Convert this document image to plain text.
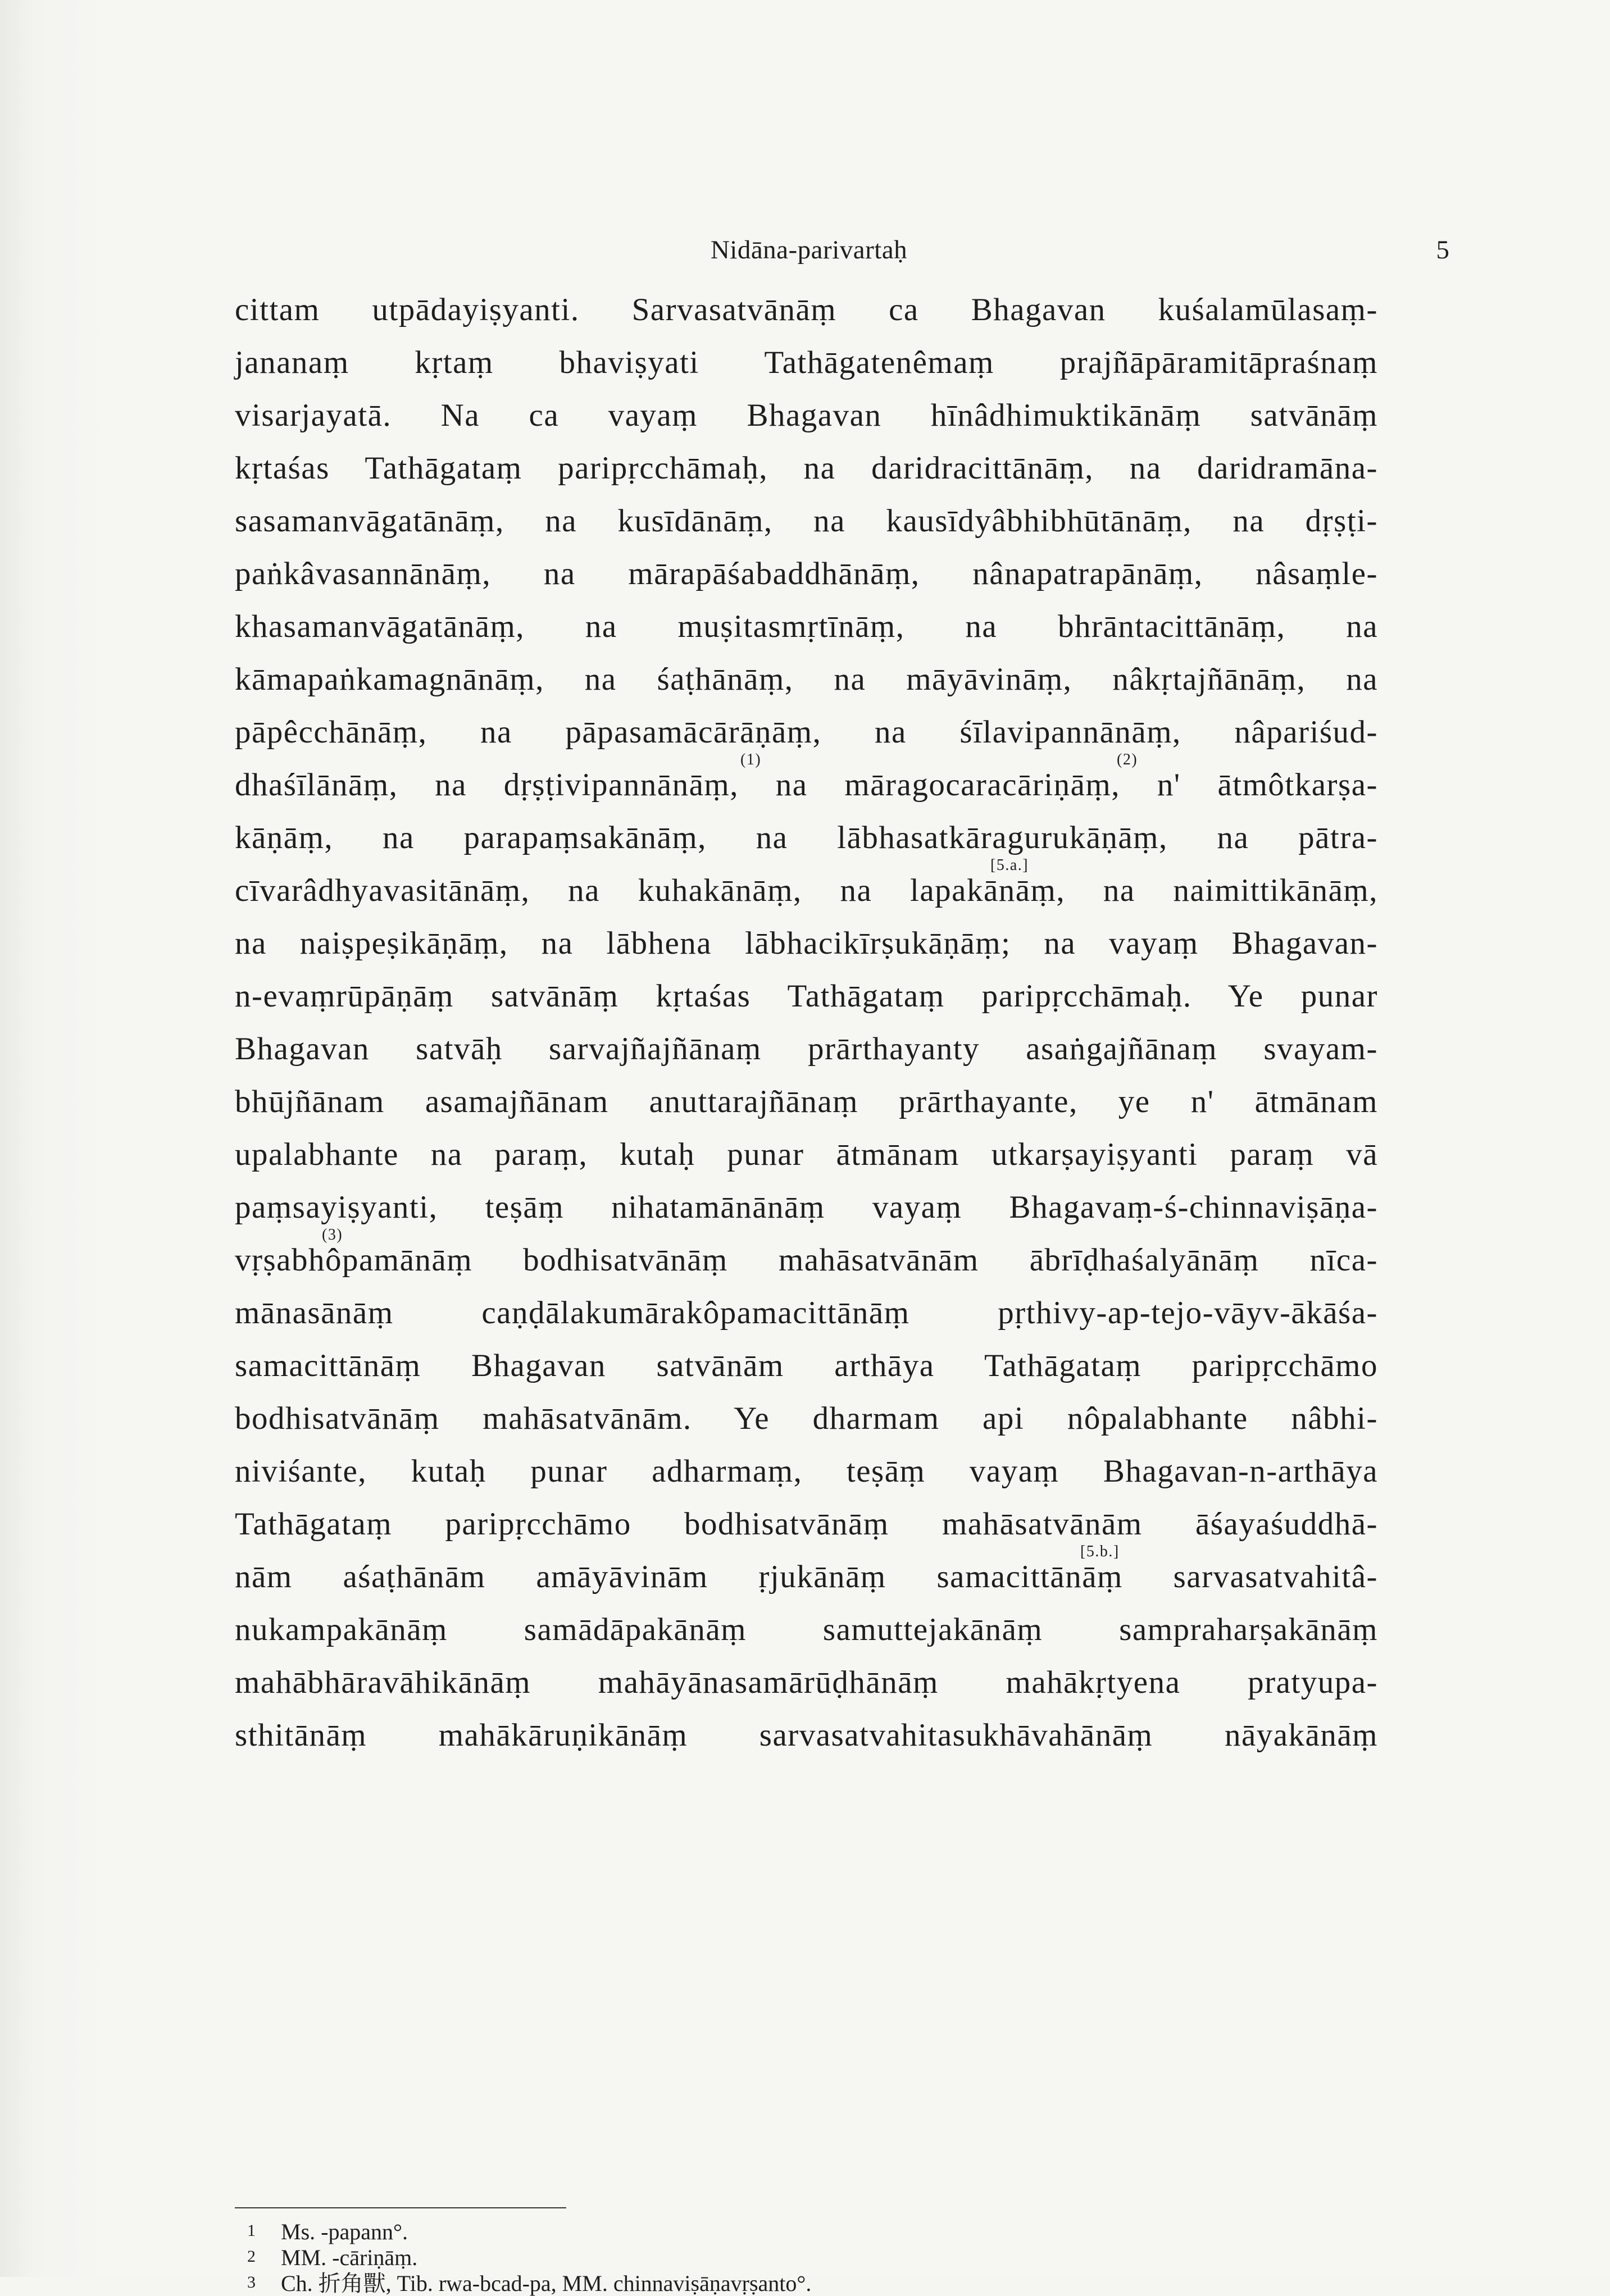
Nidāna-parivartaḥ	5
cittam utpādayiṣyanti. Sarvasatvānāṃ ca Bhagavan kuśalamūlasaṃ-
jananaṃ kṛtaṃ bhaviṣyati Tathāgatenêmaṃ prajñāpāramitāpraśnaṃ
visarjayatā. Na ca vayaṃ Bhagavan hīnâdhimuktikānāṃ satvānāṃ
kṛtaśas Tathāgataṃ paripṛcchāmaḥ, na daridracittānāṃ, na daridramāna-
sasamanvāgatānāṃ, na kusīdānāṃ, na kausīdyâbhibhūtānāṃ, na dṛṣṭi-
paṅkâvasannānāṃ, na mārapāśabaddhānāṃ, nânapatrapānāṃ, nâsaṃle-
khasamanvāgatānāṃ, na muṣitasmṛtīnāṃ, na bhrāntacittānāṃ, na
kāmapaṅkamagnānāṃ, na śaṭhānāṃ, na māyāvināṃ, nâkṛtajñānāṃ, na
pāpêcchānāṃ, na pāpasamācārāṇāṃ, na śīlavipannānāṃ, nâpariśud-
(1)	(2)
dhaśīlānāṃ, na dṛṣṭivipannānāṃ, na māragocaracāriṇāṃ, n' ātmôtkarṣa-
kāṇāṃ, na parapaṃsakānāṃ, na lābhasatkāragurukāṇāṃ, na pātra-
[5.a.]
cīvarâdhyavasitānāṃ, na kuhakānāṃ, na lapakānāṃ, na naimittikānāṃ,
na naiṣpeṣikāṇāṃ, na lābhena lābhacikīrṣukāṇāṃ; na vayaṃ Bhagavan-
n-evaṃrūpāṇāṃ satvānāṃ kṛtaśas Tathāgataṃ paripṛcchāmaḥ. Ye punar
Bhagavan satvāḥ sarvajñajñānaṃ prārthayanty asaṅgajñānaṃ svayam-
bhūjñānam asamajñānam anuttarajñānaṃ prārthayante, ye n' ātmānam
upalabhante na paraṃ, kutaḥ punar ātmānam utkarṣayiṣyanti paraṃ vā
paṃsayiṣyanti, teṣāṃ nihatamānānāṃ vayaṃ Bhagavaṃ-ś-chinnaviṣāṇa-
(3)
vṛṣabhôpamānāṃ bodhisatvānāṃ mahāsatvānām ābrīḍhaśalyānāṃ nīca-
mānasānāṃ caṇḍālakumārakôpamacittānāṃ pṛthivy-ap-tejo-vāyv-ākāśa-
samacittānāṃ Bhagavan satvānām arthāya Tathāgataṃ paripṛcchāmo
bodhisatvānāṃ mahāsatvānām. Ye dharmam api nôpalabhante nâbhi-
niviśante, kutaḥ punar adharmaṃ, teṣāṃ vayaṃ Bhagavan-n-arthāya
Tathāgataṃ paripṛcchāmo bodhisatvānāṃ mahāsatvānām āśayaśuddhā-
[5.b.]
nām aśaṭhānām amāyāvinām ṛjukānāṃ samacittānāṃ sarvasatvahitâ-
nukampakānāṃ samādāpakānāṃ samuttejakānāṃ sampraharṣakānāṃ
mahābhāravāhikānāṃ mahāyānasamārūḍhānāṃ mahākṛtyena pratyupa-
sthitānāṃ mahākāruṇikānāṃ sarvasatvahitasukhāvahānāṃ nāyakānāṃ
1 Ms. -papann°.
2 MM. -cāriṇāṃ.
3 Ch. 折角獸, Tib. rwa-bcad-pa, MM. chinnaviṣāṇavṛṣanto°.
